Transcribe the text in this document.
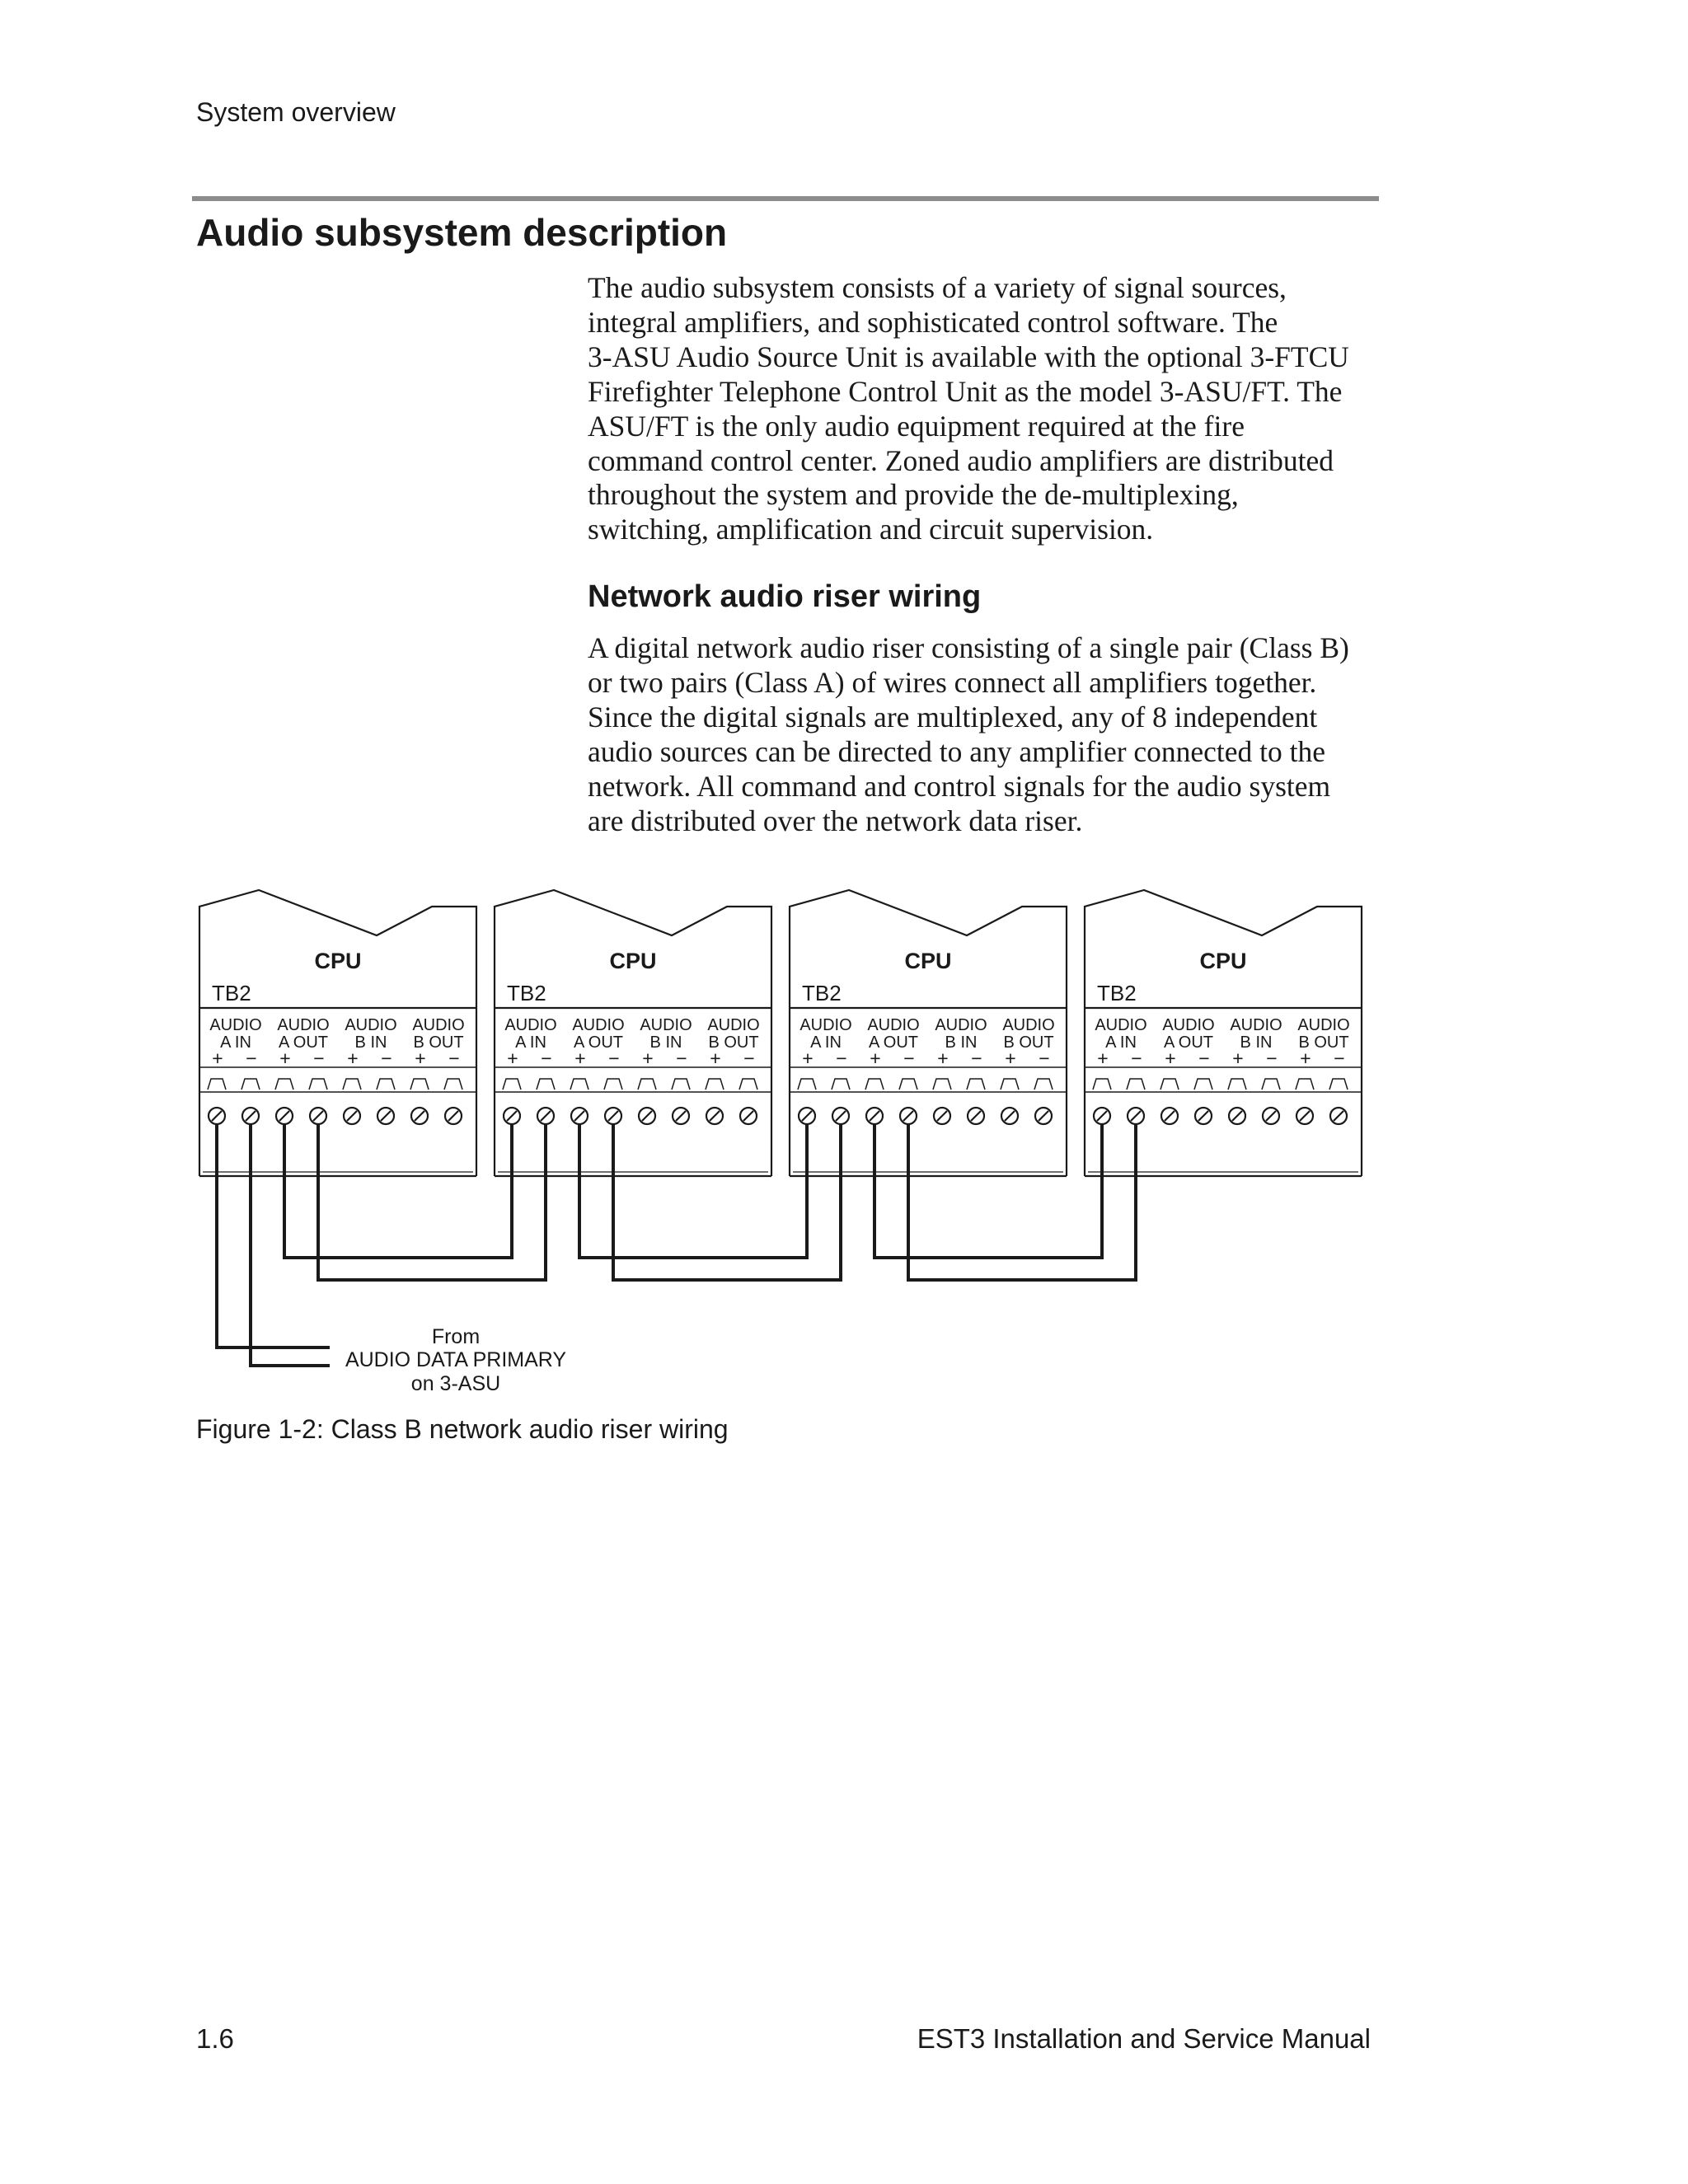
System overview
Audio subsystem description
The audio subsystem consists of a variety of signal sources,
integral amplifiers, and sophisticated control software. The
3-ASU Audio Source Unit is available with the optional 3-FTCU
Firefighter Telephone Control Unit as the model 3-ASU/FT. The
ASU/FT is the only audio equipment required at the fire
command control center. Zoned audio amplifiers are distributed
throughout the system and provide the de-multiplexing,
switching, amplification and circuit supervision.
Network audio riser wiring
A digital network audio riser consisting of a single pair (Class B)
or two pairs (Class A) of wires connect all amplifiers together.
Since the digital signals are multiplexed, any of 8 independent
audio sources can be directed to any amplifier connected to the
network. All command and control signals for the audio system
are distributed over the network data riser.
CPU
TB2
AUDIO
A IN
+ −
AUDIO
A OUT
+ −
AUDIO
B IN
+ −
AUDIO
B OUT
+ −
CPU
TB2
AUDIO
A IN
+ −
AUDIO
A OUT
+ −
AUDIO
B IN
+ −
AUDIO
B OUT
+ −
CPU
TB2
AUDIO
A IN
+ −
AUDIO
A OUT
+ −
AUDIO
B IN
+ −
AUDIO
B OUT
+ −
CPU
TB2
AUDIO
A IN
+ −
AUDIO
A OUT
+ −
AUDIO
B IN
+ −
AUDIO
B OUT
+ −
From
AUDIO DATA PRIMARY
on 3-ASU
Figure 1-2: Class B network audio riser wiring
1.6	EST3 Installation and Service Manual
